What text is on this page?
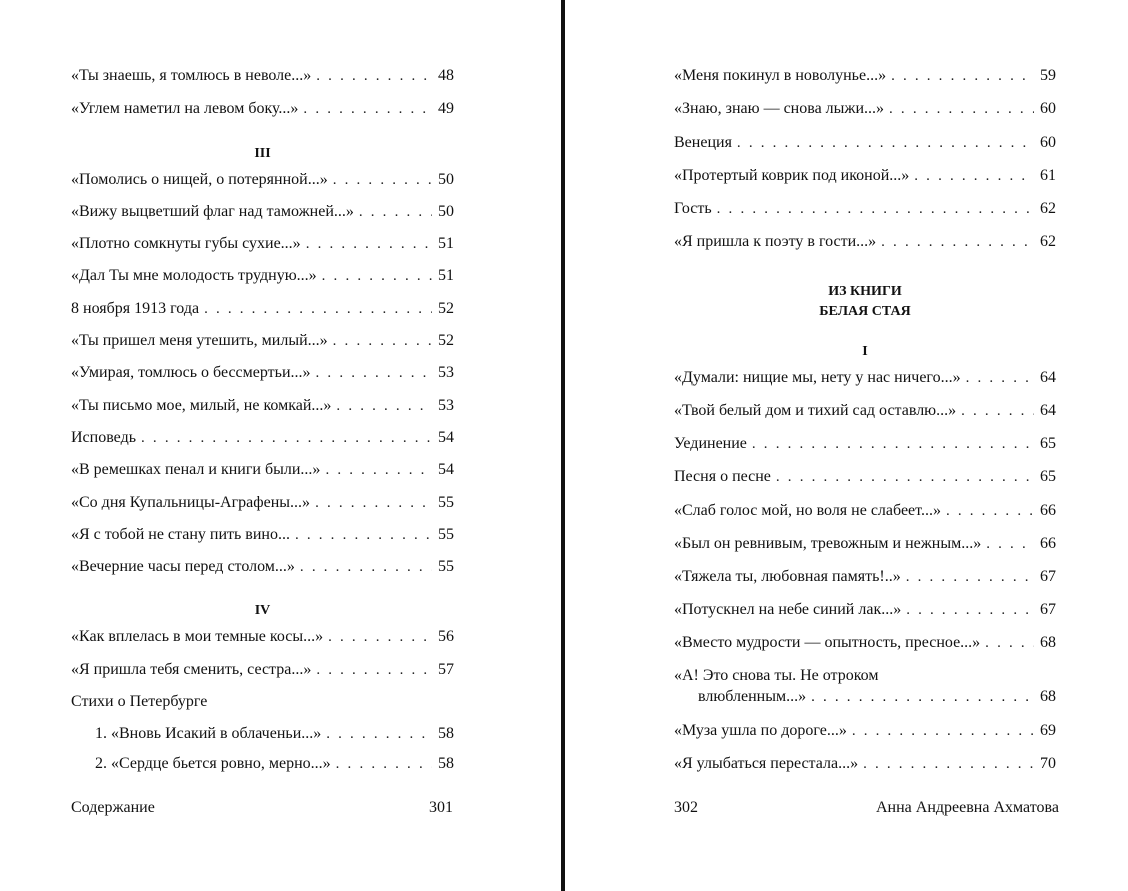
«Ты знаешь, я томлюсь в неволе...» . . .	48
«Углем наметил на левом боку...» . . .	49
III
«Помолись о нищей, о потерянной...» . . .	50
«Вижу выцветший флаг над таможней...» . . .	50
«Плотно сомкнуты губы сухие...» . . .	51
«Дал Ты мне молодость трудную...» . . .	51
8 ноября 1913 года . . .	52
«Ты пришел меня утешить, милый...» . . .	52
«Умирая, томлюсь о бессмертьи...» . . .	53
«Ты письмо мое, милый, не комкай...» . . .	53
Исповедь . . .	54
«В ремешках пенал и книги были...» . . .	54
«Со дня Купальницы-Аграфены...» . . .	55
«Я с тобой не стану пить вино... . . .	55
«Вечерние часы перед столом...» . . .	55
IV
«Как вплелась в мои темные косы...» . . .	56
«Я пришла тебя сменить, сестра...» . . .	57
Стихи о Петербурге
1. «Вновь Исакий в облаченьи...» . . .	58
2. «Сердце бьется ровно, мерно...» . . .	58
Содержание	301
«Меня покинул в новолунье...» . . .	59
«Знаю, знаю — снова лыжи...» . . .	60
Венеция . . .	60
«Протертый коврик под иконой...» . . .	61
Гость . . .	62
«Я пришла к поэту в гости...» . . .	62
ИЗ КНИГИ
БЕЛАЯ СТАЯ
I
«Думали: нищие мы, нету у нас ничего...» . . .	64
«Твой белый дом и тихий сад оставлю...» . . .	64
Уединение . . .	65
Песня о песне . . .	65
«Слаб голос мой, но воля не слабеет...» . . .	66
«Был он ревнивым, тревожным и нежным...» . . .	66
«Тяжела ты, любовная память!..» . . .	67
«Потускнел на небе синий лак...» . . .	67
«Вместо мудрости — опытность, пресное...» . . .	68
«А! Это снова ты. Не отроком
влюбленным...» . . .	68
«Муза ушла по дороге...» . . .	69
«Я улыбаться перестала...» . . .	70
302	Анна Андреевна Ахматова
